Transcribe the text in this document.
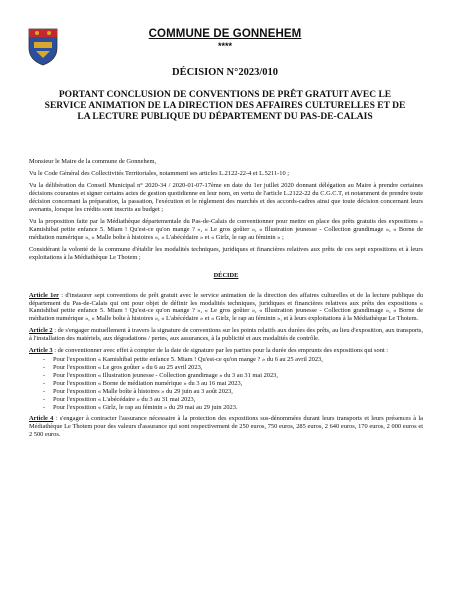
COMMUNE DE GONNEHEM
****
DÉCISION N°2023/010
PORTANT CONCLUSION DE CONVENTIONS DE PRÊT GRATUIT AVEC LE SERVICE ANIMATION DE LA DIRECTION DES AFFAIRES CULTURELLES ET DE LA LECTURE PUBLIQUE DU DÉPARTEMENT DU PAS-DE-CALAIS

Monsieur le Maire de la commune de Gonnehem,

Vu le Code Général des Collectivités Territoriales, notamment ses articles L.2122-22-4 et L.5211-10 ;

Vu la délibération du Conseil Municipal n° 2020-34 / 2020-01-07-17ème en date du 1er juillet 2020 donnant délégation au Maire à prendre certaines décisions courantes et signer certains actes de gestion quotidienne en leur nom, en vertu de l'article L.2122-22 du C.G.C.T, et notamment de prendre toute décision concernant la préparation, la passation, l'exécution et le règlement des marchés et des accords-cadres ainsi que toute décision concernant leurs avenants, lorsque les crédits sont inscrits au budget ;

Vu la proposition faite par la Médiathèque départementale du Pas-de-Calais de conventionner pour mettre en place des prêts gratuits des expositions « Kamishibaï petite enfance 5. Miam ! Qu'est-ce qu'on mange ? », « Le gros goûter », « Illustration jeunesse - Collection grandimage », « Borne de médiation numérique », « Malle boîte à histoires », « L'abécédaire » et « Girlz, le rap au féminin » ;

Considérant la volonté de la commune d'établir les modalités techniques, juridiques et financières relatives aux prêts de ces sept expositions et à leurs exploitations à la Médiathèque Le Thotem ;

DÉCIDE

Article 1er : d'instaurer sept conventions de prêt gratuit avec le service animation de la direction des affaires culturelles et de la lecture publique du département du Pas-de-Calais qui ont pour objet de définir les modalités techniques, juridiques et financières relatives aux prêts des expositions « Kamishibaï petite enfance 5. Miam ! Qu'est-ce qu'on mange ? », « Le gros goûter », « Illustration jeunesse - Collection grandimage », « Borne de médiation numérique », « Malle boîte à histoires », « L'abécédaire » et « Girlz, le rap au féminin », et à leurs exploitations à la Médiathèque Le Thotem.

Article 2 : de s'engager mutuellement à travers la signature de conventions sur les points relatifs aux durées des prêts, au lieu d'exposition, aux transports, à l'installation des matériels, aux dégradations / pertes, aux assurances, à la publicité et aux modalités de contrôle.

Article 3 : de conventionner avec effet à compter de la date de signature par les parties pour la durée des emprunts des expositions qui sont :

- Pour l'exposition « Kamishibaï petite enfance 5. Miam ! Qu'est-ce qu'on mange ? » du 6 au 25 avril 2023,
- Pour l'exposition « Le gros goûter » du 6 au 25 avril 2023,
- Pour l'exposition « Illustration jeunesse - Collection grandimage » du 3 au 31 mai 2023,
- Pour l'exposition « Borne de médiation numérique » du 3 au 16 mai 2023,
- Pour l'exposition « Malle boîte à histoires » du 29 juin au 3 août 2023,
- Pour l'exposition « L'abécédaire » du 3 au 31 mai 2023,
- Pour l'exposition « Girlz, le rap au féminin » du 29 mai au 29 juin 2023.

Article 4 : s'engager à contracter l'assurance nécessaire à la protection des expositions sus-dénommées durant leurs transports et leurs présences à la Médiathèque Le Thotem pour des valeurs d'assurance qui sont respectivement de 250 euros, 750 euros, 285 euros, 2 640 euros, 170 euros, 2 000 euros et 2 500 euros.
